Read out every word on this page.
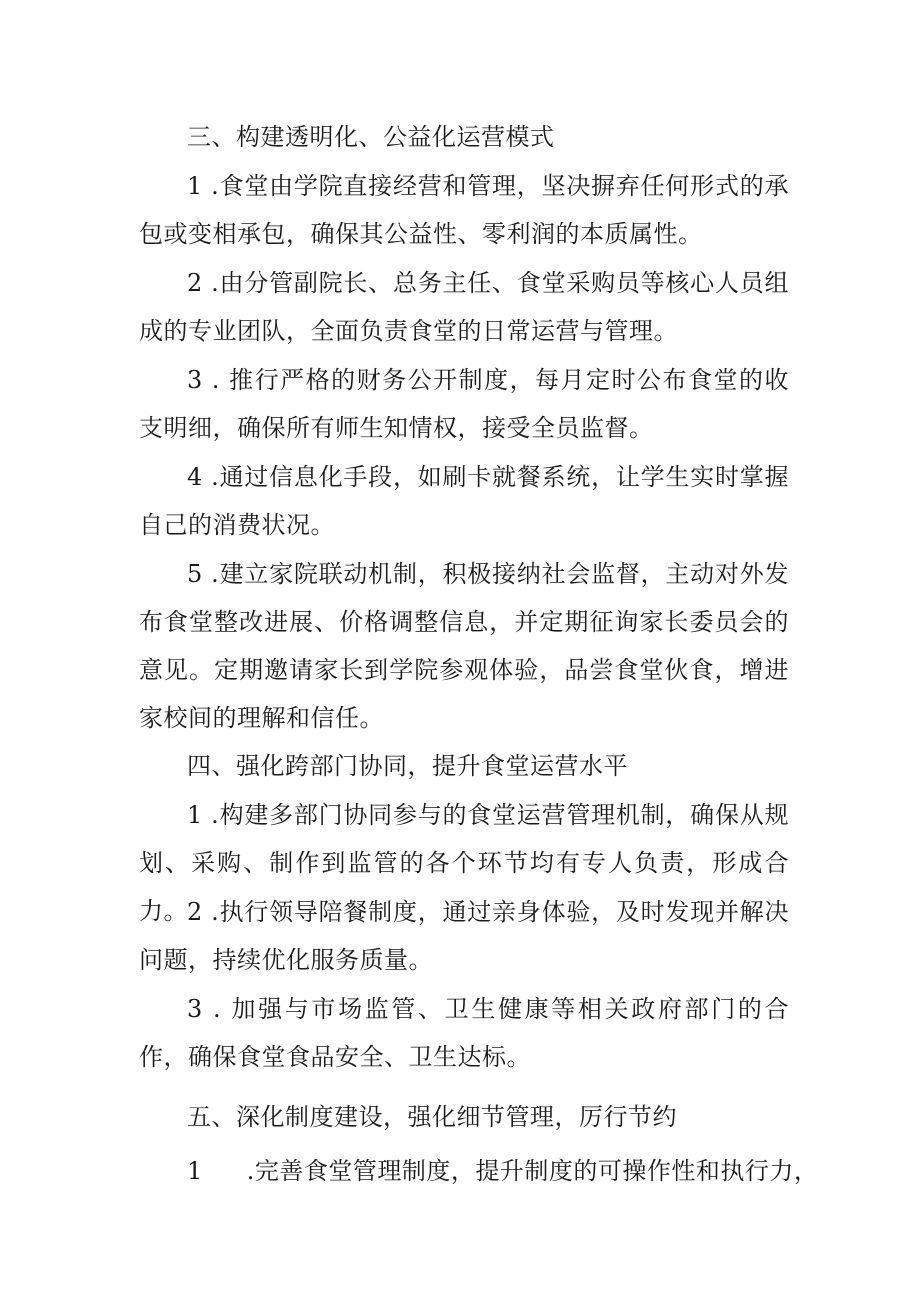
三、构建透明化、公益化运营模式

1 .食堂由学院直接经营和管理，坚决摒弃任何形式的承包或变相承包，确保其公益性、零利润的本质属性。

2 .由分管副院长、总务主任、食堂采购员等核心人员组成的专业团队，全面负责食堂的日常运营与管理。

3 . 推行严格的财务公开制度，每月定时公布食堂的收支明细，确保所有师生知情权，接受全员监督。

4 .通过信息化手段，如刷卡就餐系统，让学生实时掌握自己的消费状况。

5 .建立家院联动机制，积极接纳社会监督，主动对外发布食堂整改进展、价格调整信息，并定期征询家长委员会的意见。定期邀请家长到学院参观体验，品尝食堂伙食，增进家校间的理解和信任。

四、强化跨部门协同，提升食堂运营水平

1 .构建多部门协同参与的食堂运营管理机制，确保从规划、采购、制作到监管的各个环节均有专人负责，形成合力。 2 .执行领导陪餐制度，通过亲身体验，及时发现并解决问题，持续优化服务质量。

3 . 加强与市场监管、卫生健康等相关政府部门的合作，确保食堂食品安全、卫生达标。

五、深化制度建设，强化细节管理，厉行节约

1 .完善食堂管理制度，提升制度的可操作性和执行力，
